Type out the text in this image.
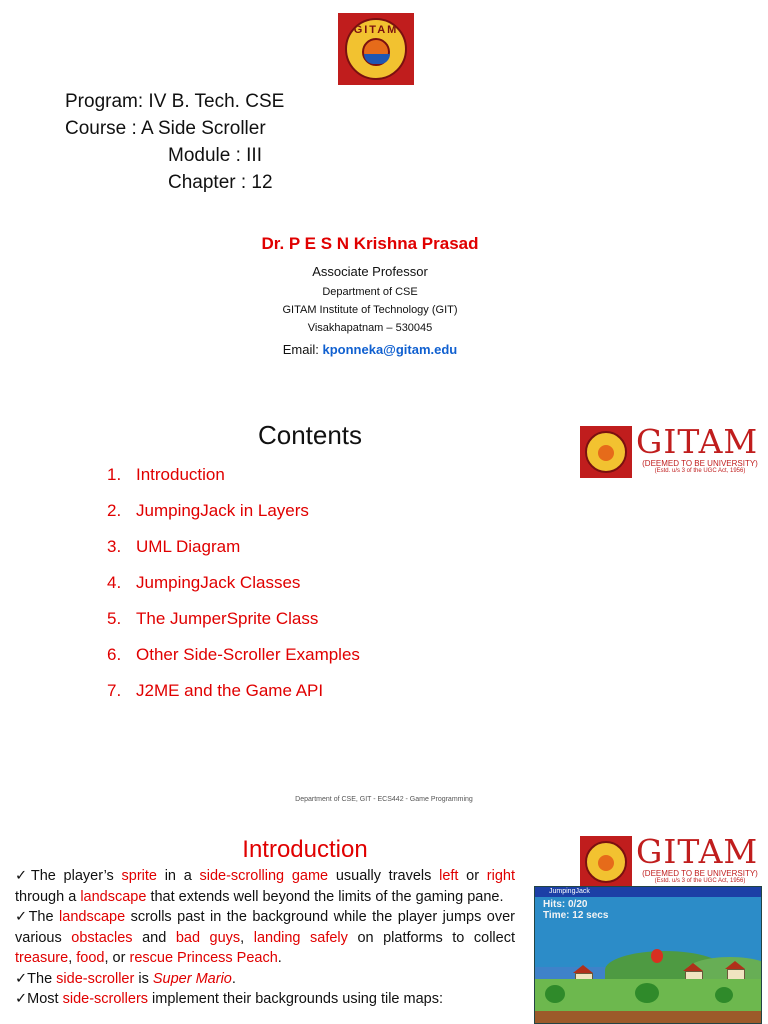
GITAM
Program: IV B. Tech. CSE
Course : A Side Scroller
Module : III
Chapter : 12
Dr. P E S N Krishna Prasad
Associate Professor
Department of CSE
GITAM Institute of Technology (GIT)
Visakhapatnam – 530045
Email: kponneka@gitam.edu
GITAM
(DEEMED TO BE UNIVERSITY)
(Estd. u/s 3 of the UGC Act, 1956)
Contents
1. Introduction
2. JumpingJack in Layers
3. UML Diagram
4. JumpingJack Classes
5. The JumperSprite Class
6. Other Side-Scroller Examples
7. J2ME and the Game API
Department of CSE, GIT - ECS442 - Game Programming
GITAM
(DEEMED TO BE UNIVERSITY)
(Estd. u/s 3 of the UGC Act, 1956)
Introduction

✓The player’s sprite in a side-scrolling game usually travels left or right through a landscape that extends well beyond the limits of the gaming pane.

✓The landscape scrolls past in the background while the player jumps over various obstacles and bad guys, landing safely on platforms to collect treasure, food, or rescue Princess Peach.

✓The side-scroller is Super Mario.

✓Most side-scrollers implement their backgrounds using tile maps:

JumpingJack
Hits: 0/20
Time: 12 secs
